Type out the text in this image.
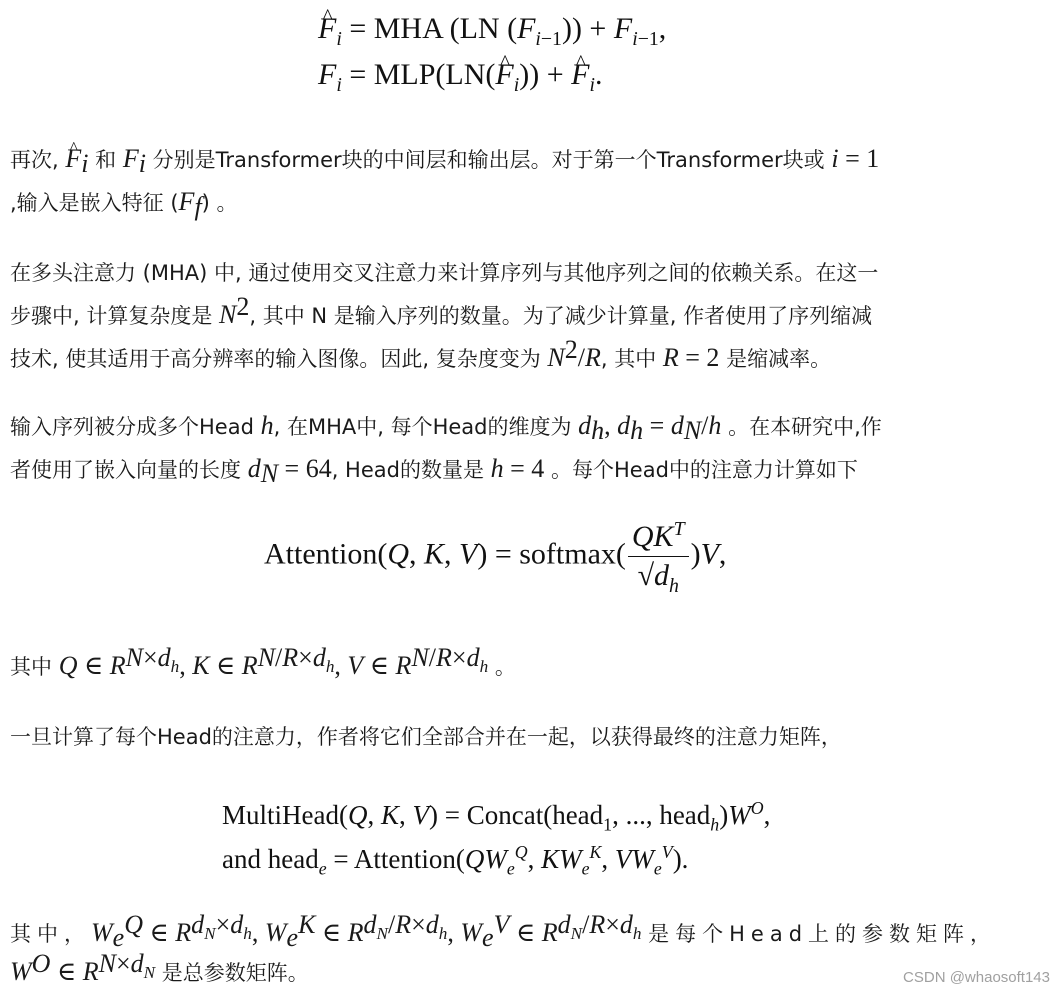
^ $F_i$ = MHA (LN $(F_{i-1})) + F_{i-1}$,
$F_i$ = MLP(LN(^ $F_i$)) + ^ $F_i$.
再次, ^ $F_i$ 和 $F_i$ 分别是Transformer块的中间层和输出层。对于第一个Transformer块或 i = 1
,输入是嵌入特征 $(F_f)$ 。
在多头注意力 (MHA) 中, 通过使用交叉注意力来计算序列与其他序列之间的依赖关系。在这一
步骤中, 计算复杂度是 $N^2$, 其中 N 是输入序列的数量。为了减少计算量, 作者使用了序列缩减
技术, 使其适用于高分辨率的输入图像。因此, 复杂度变为 $N^2/R$, 其中 R = 2 是缩减率。
输入序列被分成多个Head h, 在MHA中, 每个Head的维度为 $d_h$, $d_h = d_N/h$ 。在本研究中,作
者使用了嵌入向量的长度 $d_N = 64$, Head的数量是 h = 4 。每个Head中的注意力计算如下
Attention(Q, K, V) = softmax( $\frac{QK^T}{√d_h} )V$,
其中 Q ∈ $R^{N\times d_h}$, K ∈ $R^{N/R\times d_h}$, V ∈ $R^{N/R\times d_h}$ 。
一旦计算了每个Head的注意力，作者将它们全部合并在一起，以获得最终的注意力矩阵，
MultiHead(Q, K, V) = Concat(head$_1$, ..., $head_h)W^O$,
and head$_e$ = $Attention(QW_e^Q$, $KW_e^K$, $VW_e^V$).
其中，$W_e^Q$ ∈ $R^{d_N\times d_h}$, $W_e^K$ ∈ $R^{d_N/R\times d_h}$, $W_e^V$ ∈ $R^{d_N/R\times d_h}$ 是每个Head上的参数矩阵，
$W^O$ ∈ $R^{N\times d_N}$ 是总参数矩阵。	CSDN @whaosoft143
